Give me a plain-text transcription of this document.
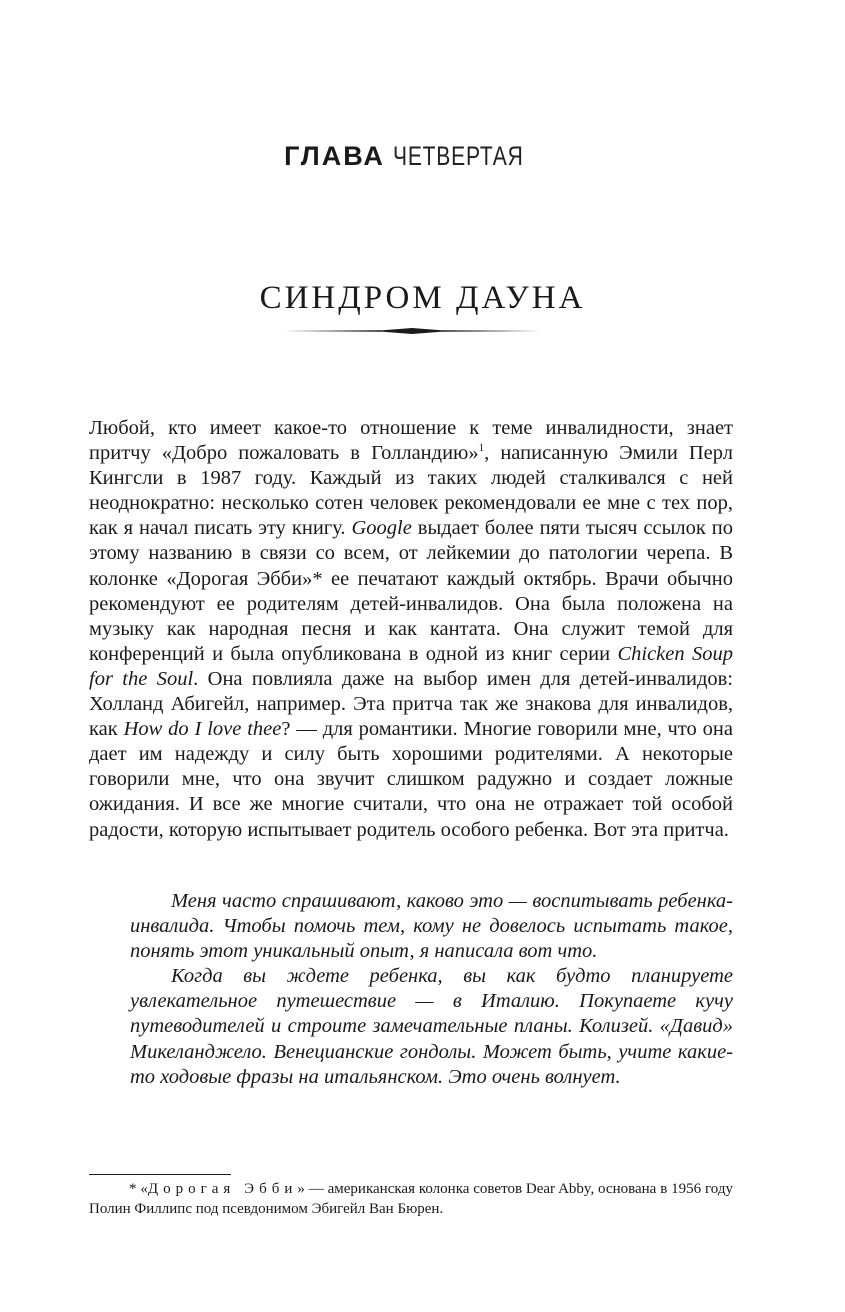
ГЛАВА ЧЕТВЕРТАЯ
СИНДРОМ ДАУНА

Любой, кто имеет какое-то отношение к теме инвалидности, знает притчу «Добро пожаловать в Голландию»$^1$, написанную Эмили Перл Кингсли в 1987 году. Каждый из таких людей сталкивался с ней неоднократно: несколько сотен человек рекомендовали ее мне с тех пор, как я начал писать эту книгу. Google выдает более пяти тысяч ссылок по этому названию в связи со всем, от лейкемии до патологии черепа. В колонке «Дорогая Эбби»* ее печатают каждый октябрь. Врачи обычно рекомендуют ее родителям детей-инвалидов. Она была положена на музыку как народная песня и как кантата. Она служит темой для конференций и была опубликована в одной из книг серии Chicken Soup for the Soul. Она повлияла даже на выбор имен для детей-инвалидов: Холланд Абигейл, например. Эта притча так же знакова для инвалидов, как How do I love thee? — для романтики. Многие говорили мне, что она дает им надежду и силу быть хорошими родителями. А некоторые говорили мне, что она звучит слишком радужно и создает ложные ожидания. И все же многие считали, что она не отражает той особой радости, которую испытывает родитель особого ребенка. Вот эта притча.

Меня часто спрашивают, каково это — воспитывать ребенка-инвалида. Чтобы помочь тем, кому не довелось испытать такое, понять этот уникальный опыт, я написала вот что.

Когда вы ждете ребенка, вы как будто планируете увлекательное путешествие — в Италию. Покупаете кучу путеводителей и строите замечательные планы. Колизей. «Давид» Микеланджело. Венецианские гондолы. Может быть, учите какие-то ходовые фразы на итальянском. Это очень волнует.

* «Дорогая Эбби» — американская колонка советов Dear Abby, основана в 1956 году Полин Филлипс под псевдонимом Эбигейл Ван Бюрен.
